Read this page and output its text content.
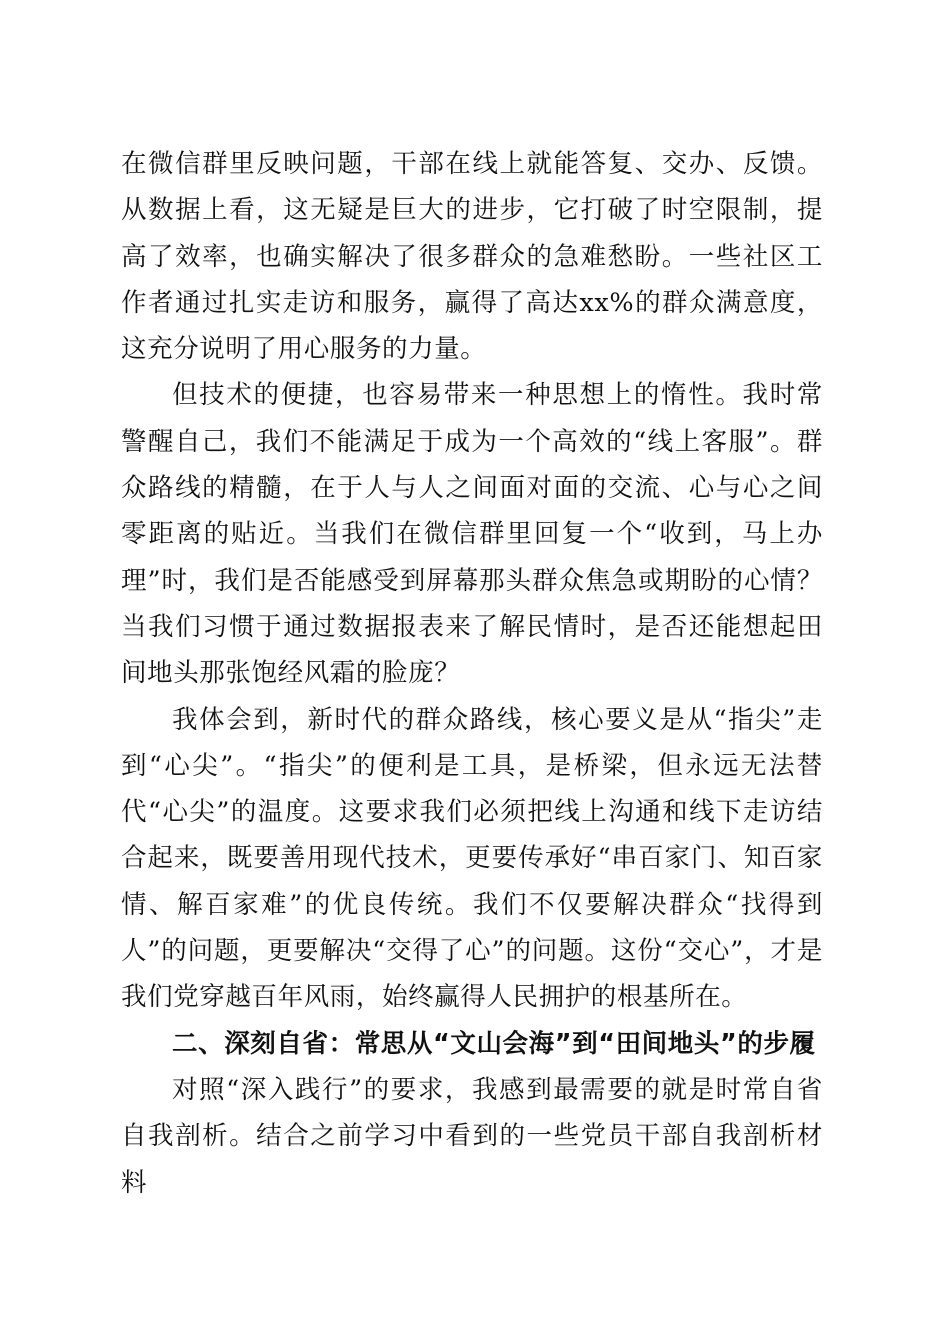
在微信群里反映问题，干部在线上就能答复、交办、反馈。从数据上看，这无疑是巨大的进步，它打破了时空限制，提高了效率，也确实解决了很多群众的急难愁盼。一些社区工作者通过扎实走访和服务，赢得了高达xx%的群众满意度，这充分说明了用心服务的力量。

但技术的便捷，也容易带来一种思想上的惰性。我时常警醒自己，我们不能满足于成为一个高效的“线上客服”。群众路线的精髓，在于人与人之间面对面的交流、心与心之间零距离的贴近。当我们在微信群里回复一个“收到，马上办理”时，我们是否能感受到屏幕那头群众焦急或期盼的心情？当我们习惯于通过数据报表来了解民情时，是否还能想起田间地头那张饱经风霜的脸庞？

我体会到，新时代的群众路线，核心要义是从“指尖”走到“心尖”。“指尖”的便利是工具，是桥梁，但永远无法替代“心尖”的温度。这要求我们必须把线上沟通和线下走访结合起来，既要善用现代技术，更要传承好“串百家门、知百家情、解百家难”的优良传统。我们不仅要解决群众“找得到人”的问题，更要解决“交得了心”的问题。这份“交心”，才是我们党穿越百年风雨，始终赢得人民拥护的根基所在。

二、深刻自省：常思从“文山会海”到“田间地头”的步履

对照“深入践行”的要求，我感到最需要的就是时常自省自我剖析。结合之前学习中看到的一些党员干部自我剖析材料
